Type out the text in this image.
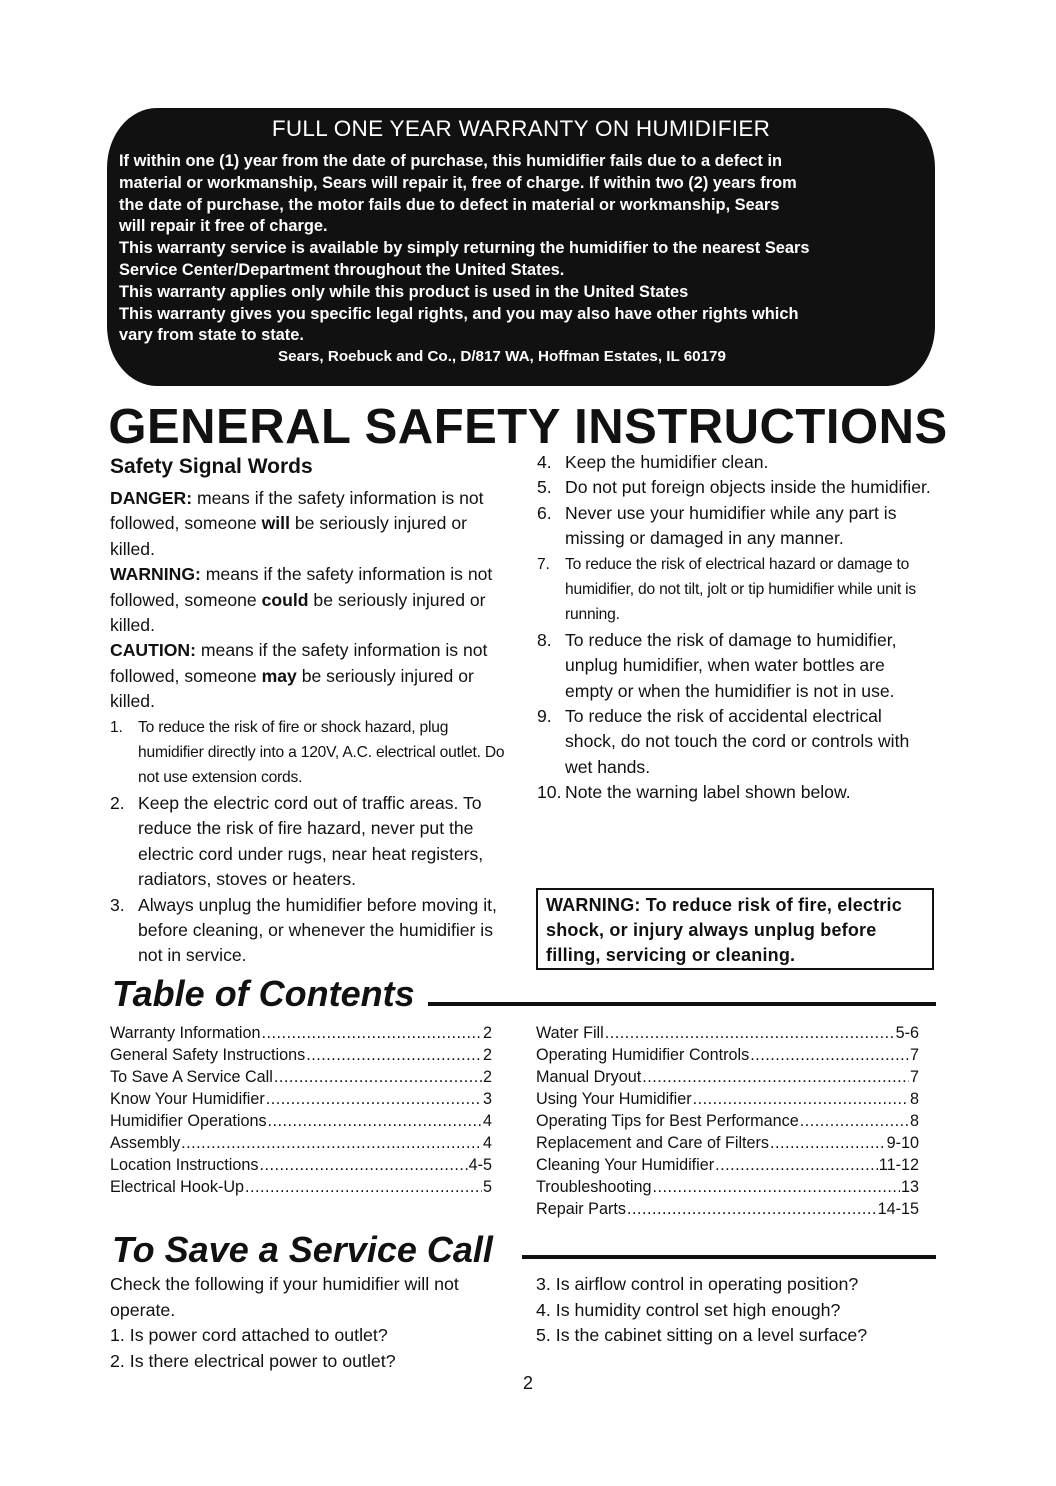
FULL ONE YEAR WARRANTY ON HUMIDIFIER

If within one (1) year from the date of purchase, this humidifier fails due to a defect in

material or workmanship, Sears will repair it, free of charge. If within two (2) years from

the date of purchase, the motor fails due to defect in material or workmanship, Sears

will repair it free of charge.

This warranty service is available by simply returning the humidifier to the nearest Sears

Service Center/Department throughout the United States.

This warranty applies only while this product is used in the United States

This warranty gives you specific legal rights, and you may also have other rights which

vary from state to state.

Sears, Roebuck and Co., D/817 WA, Hoffman Estates, IL 60179
GENERAL SAFETY INSTRUCTIONS
Safety Signal Words

DANGER: means if the safety information is not followed, someone will be seriously injured or killed.

WARNING: means if the safety information is not followed, someone could be seriously injured or killed.

CAUTION: means if the safety information is not followed, someone may be seriously injured or killed.

1. To reduce the risk of fire or shock hazard, plug humidifier directly into a 120V, A.C. electrical outlet. Do not use extension cords.
2. Keep the electric cord out of traffic areas. To reduce the risk of fire hazard, never put the electric cord under rugs, near heat registers, radiators, stoves or heaters.
3. Always unplug the humidifier before moving it, before cleaning, or whenever the humidifier is not in service.
4. Keep the humidifier clean.
5. Do not put foreign objects inside the humidifier.
6. Never use your humidifier while any part is missing or damaged in any manner.
7. To reduce the risk of electrical hazard or damage to humidifier, do not tilt, jolt or tip humidifier while unit is running.
8. To reduce the risk of damage to humidifier, unplug humidifier, when water bottles are empty or when the humidifier is not in use.
9. To reduce the risk of accidental electrical shock, do not touch the cord or controls with wet hands.
10. Note the warning label shown below.
WARNING: To reduce risk of fire, electric shock, or injury always unplug before filling, servicing or cleaning.
Table of Contents
Warranty Information .....	2
General Safety Instructions .....	2
To Save A Service Call .....	2
Know Your Humidifier .....	3
Humidifier Operations .....	4
Assembly .....	4
Location Instructions .....	4-5
Electrical Hook-Up .....	5
Water Fill .....	5-6
Operating Humidifier Controls .....	7
Manual Dryout .....	7
Using Your Humidifier .....	8
Operating Tips for Best Performance .....	8
Replacement and Care of Filters .....	9-10
Cleaning Your Humidifier .....	11-12
Troubleshooting .....	13
Repair Parts .....	14-15
To Save a Service Call

Check the following if your humidifier will not operate.

1. Is power cord attached to outlet?

2. Is there electrical power to outlet?

3. Is airflow control in operating position?

4. Is humidity control set high enough?

5. Is the cabinet sitting on a level surface?

2
